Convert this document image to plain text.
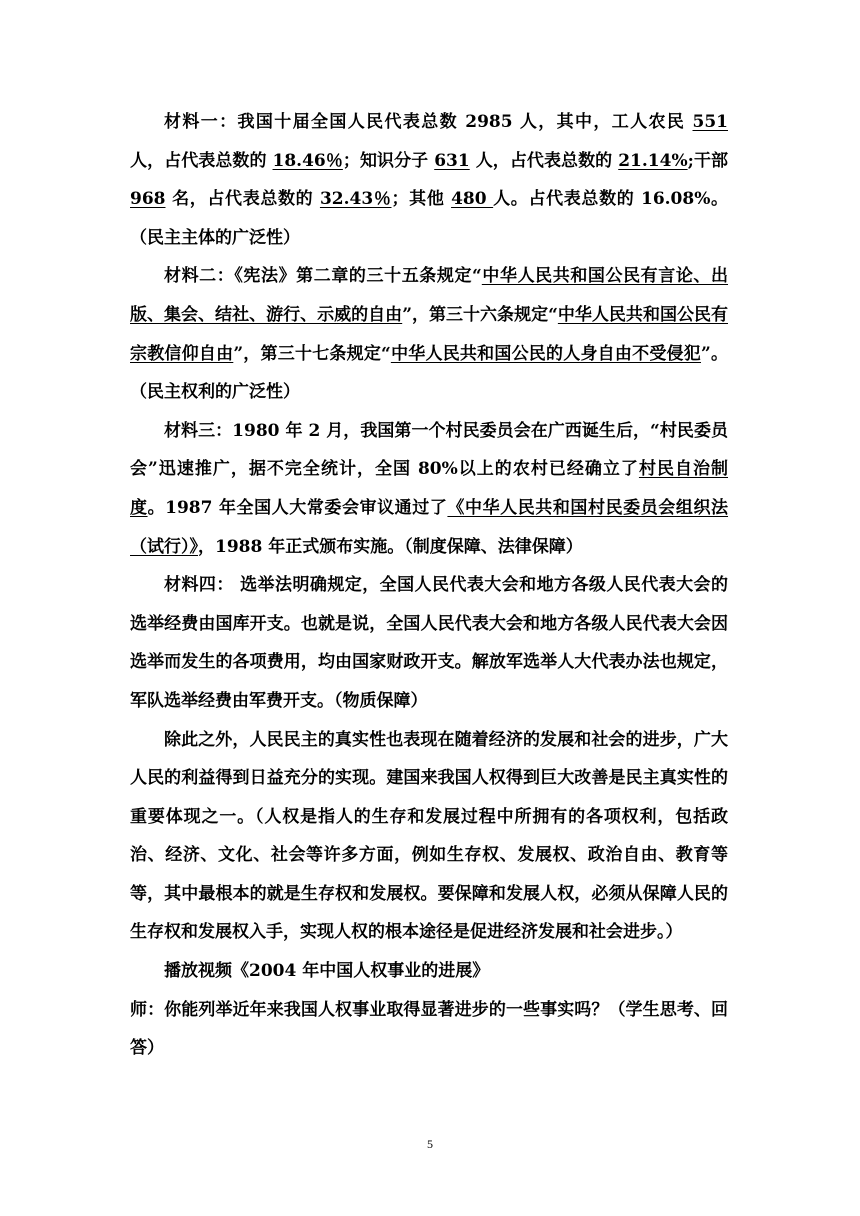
材料一：我国十届全国人民代表总数 2985 人，其中，工人农民 551 人，占代表总数的 18.46％；知识分子 631 人，占代表总数的 21.14%;干部 968 名，占代表总数的 32.43％；其他 480 人。占代表总数的 16.08%。（民主主体的广泛性）

材料二：《宪法》第二章的三十五条规定“中华人民共和国公民有言论、出版、集会、结社、游行、示威的自由”，第三十六条规定“中华人民共和国公民有宗教信仰自由”，第三十七条规定“中华人民共和国公民的人身自由不受侵犯”。（民主权利的广泛性）

材料三：1980 年 2 月，我国第一个村民委员会在广西诞生后，“村民委员会”迅速推广，据不完全统计，全国 80%以上的农村已经确立了村民自治制度。1987 年全国人大常委会审议通过了《中华人民共和国村民委员会组织法（试行）》，1988 年正式颁布实施。（制度保障、法律保障）

材料四： 选举法明确规定，全国人民代表大会和地方各级人民代表大会的选举经费由国库开支。也就是说，全国人民代表大会和地方各级人民代表大会因选举而发生的各项费用，均由国家财政开支。解放军选举人大代表办法也规定，军队选举经费由军费开支。（物质保障）

除此之外，人民民主的真实性也表现在随着经济的发展和社会的进步，广大人民的利益得到日益充分的实现。建国来我国人权得到巨大改善是民主真实性的重要体现之一。（人权是指人的生存和发展过程中所拥有的各项权利，包括政治、经济、文化、社会等许多方面，例如生存权、发展权、政治自由、教育等等，其中最根本的就是生存权和发展权。要保障和发展人权，必须从保障人民的生存权和发展权入手，实现人权的根本途径是促进经济发展和社会进步。）

播放视频《2004 年中国人权事业的进展》

师：你能列举近年来我国人权事业取得显著进步的一些事实吗？（学生思考、回答）

5
